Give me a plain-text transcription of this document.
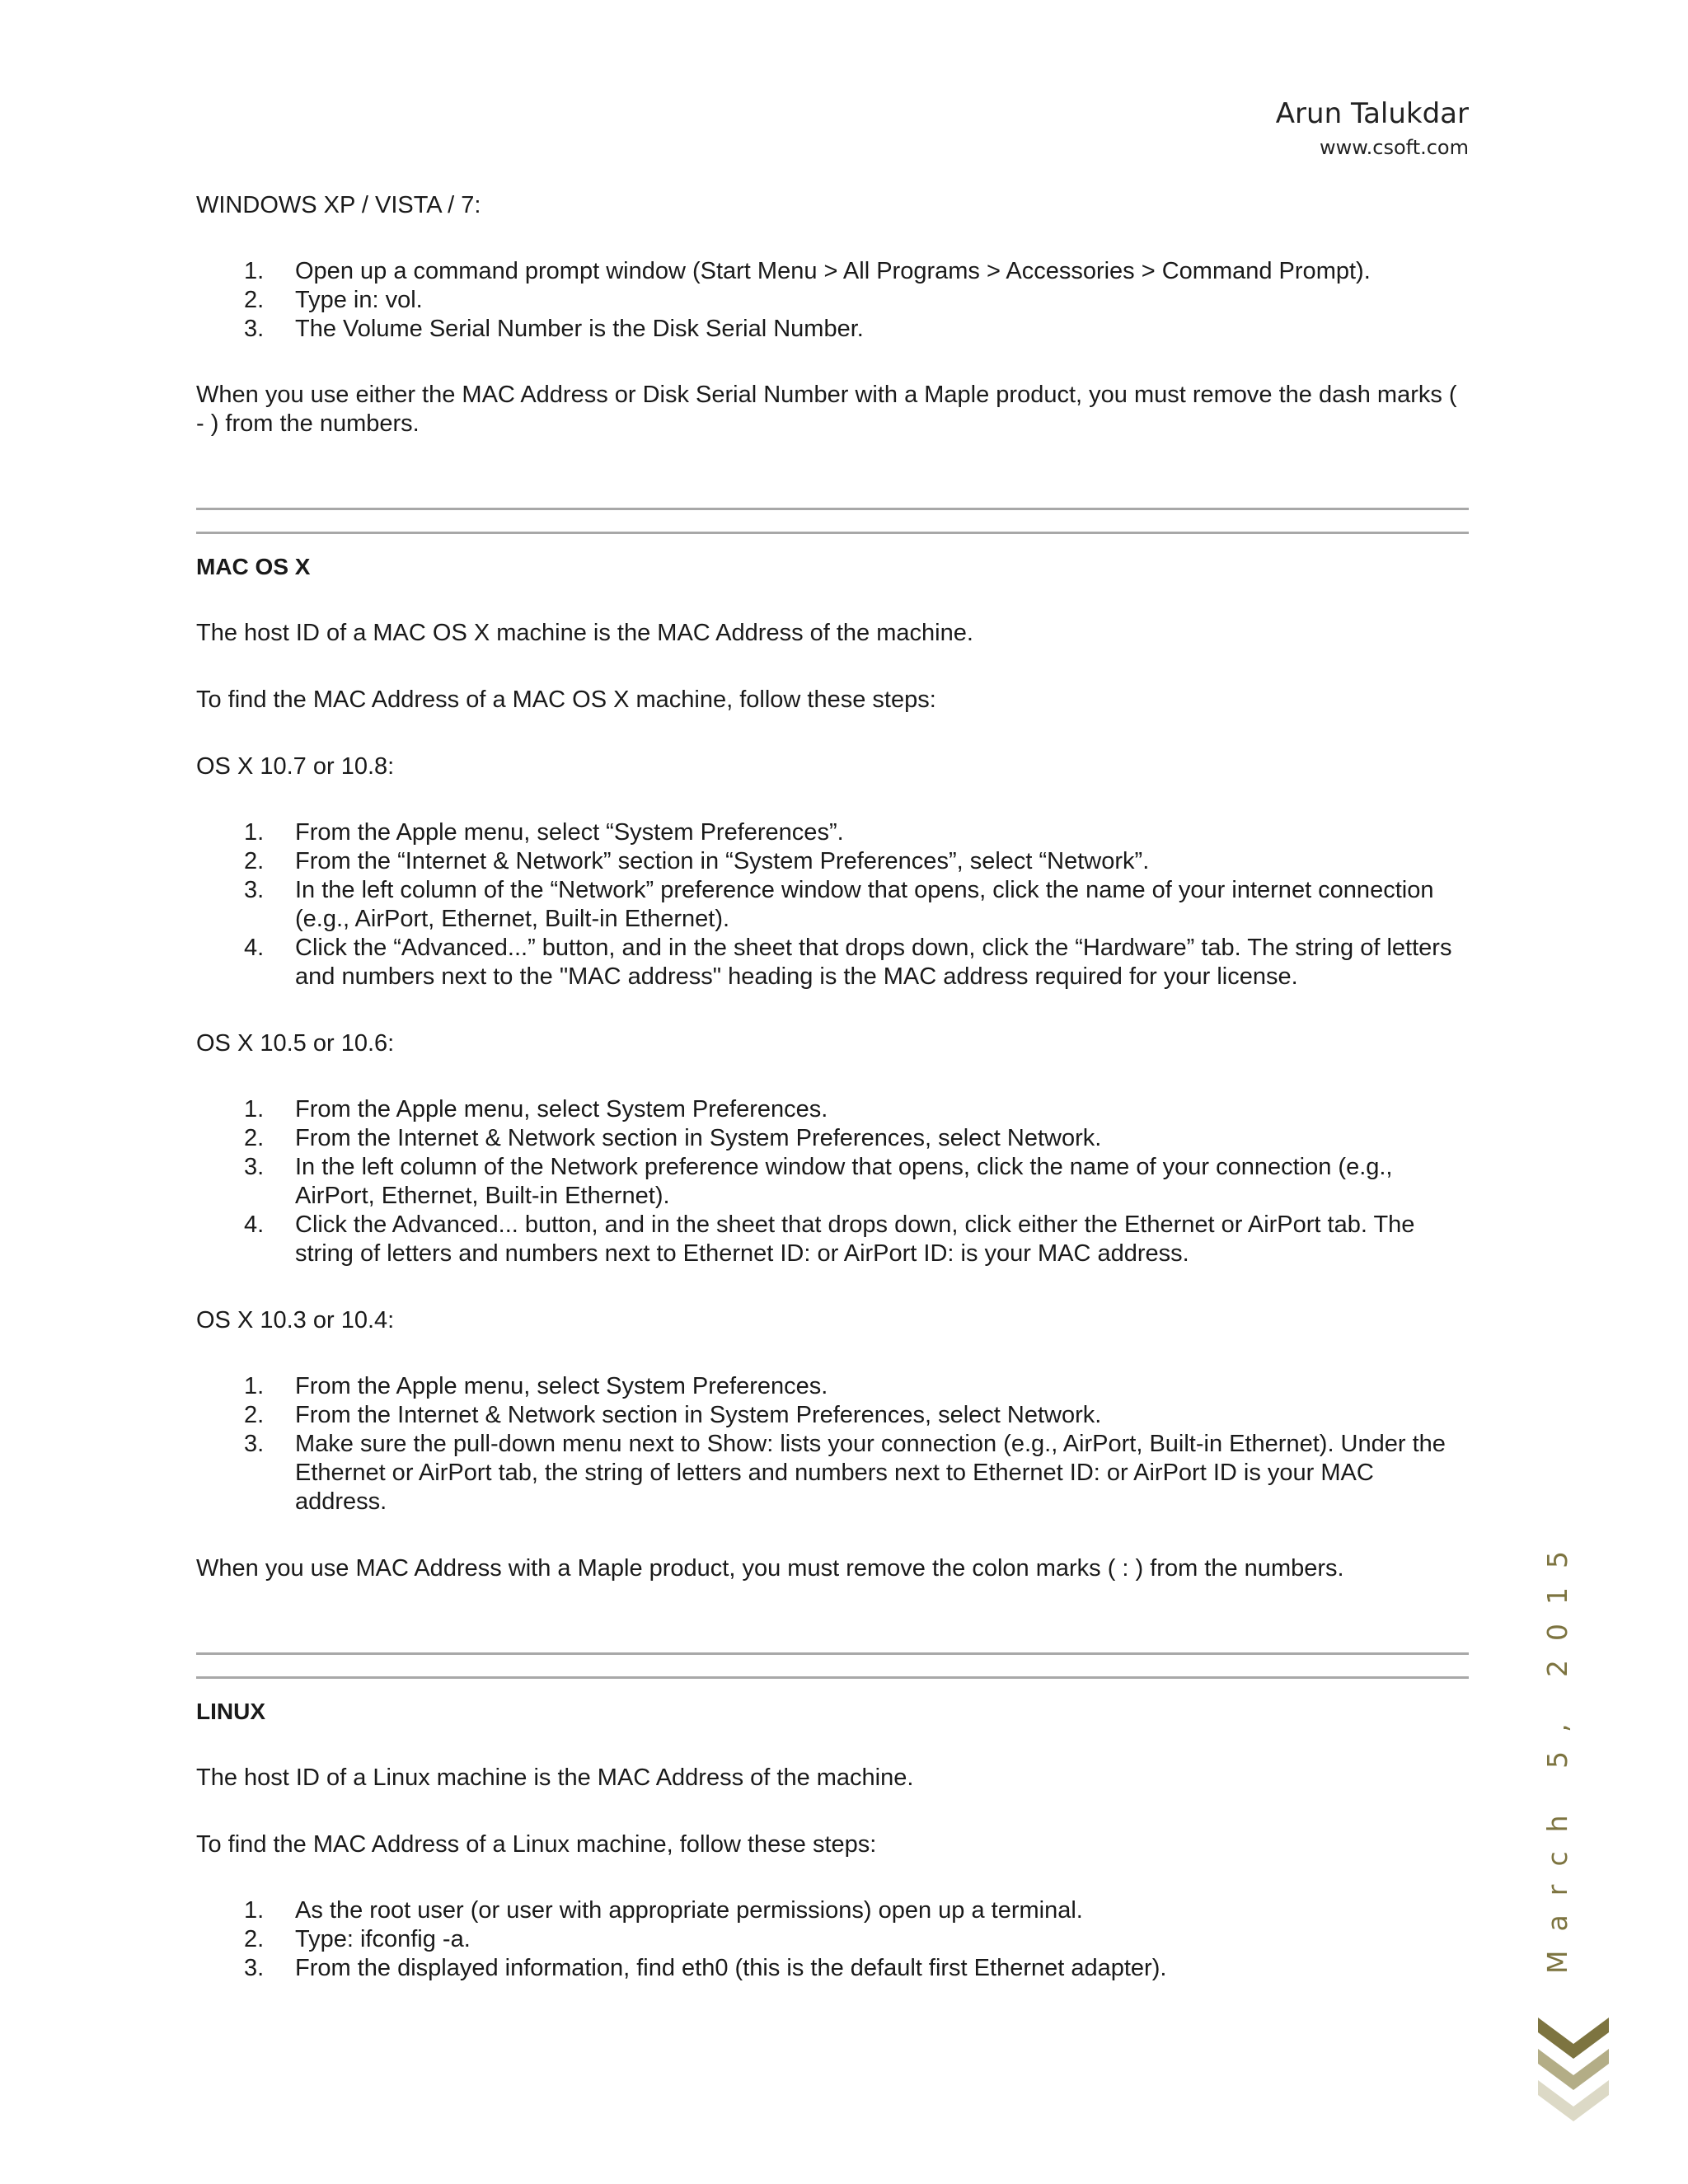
Arun Talukdar
www.csoft.com

WINDOWS XP / VISTA / 7:

1. Open up a command prompt window (Start Menu > All Programs > Accessories > Command Prompt).
2. Type in: vol.
3. The Volume Serial Number is the Disk Serial Number.

When you use either the MAC Address or Disk Serial Number with a Maple product, you must remove the dash marks ( - ) from the numbers.

MAC OS X

The host ID of a MAC OS X machine is the MAC Address of the machine.

To find the MAC Address of a MAC OS X machine, follow these steps:

OS X 10.7 or 10.8:

1. From the Apple menu, select “System Preferences”.
2. From the “Internet & Network” section in “System Preferences”, select “Network”.
3. In the left column of the “Network” preference window that opens, click the name of your internet connection (e.g., AirPort, Ethernet, Built-in Ethernet).
4. Click the “Advanced...” button, and in the sheet that drops down, click the “Hardware” tab. The string of letters and numbers next to the "MAC address" heading is the MAC address required for your license.

OS X 10.5 or 10.6:

1. From the Apple menu, select System Preferences.
2. From the Internet & Network section in System Preferences, select Network.
3. In the left column of the Network preference window that opens, click the name of your connection (e.g., AirPort, Ethernet, Built-in Ethernet).
4. Click the Advanced... button, and in the sheet that drops down, click either the Ethernet or AirPort tab. The string of letters and numbers next to Ethernet ID: or AirPort ID: is your MAC address.

OS X 10.3 or 10.4:

1. From the Apple menu, select System Preferences.
2. From the Internet & Network section in System Preferences, select Network.
3. Make sure the pull-down menu next to Show: lists your connection (e.g., AirPort, Built-in Ethernet). Under the Ethernet or AirPort tab, the string of letters and numbers next to Ethernet ID: or AirPort ID is your MAC address.

When you use MAC Address with a Maple product, you must remove the colon marks ( : ) from the numbers.

LINUX

The host ID of a Linux machine is the MAC Address of the machine.

To find the MAC Address of a Linux machine, follow these steps:

1. As the root user (or user with appropriate permissions) open up a terminal.
2. Type: ifconfig -a.
3. From the displayed information, find eth0 (this is the default first Ethernet adapter).	March 5, 2015
